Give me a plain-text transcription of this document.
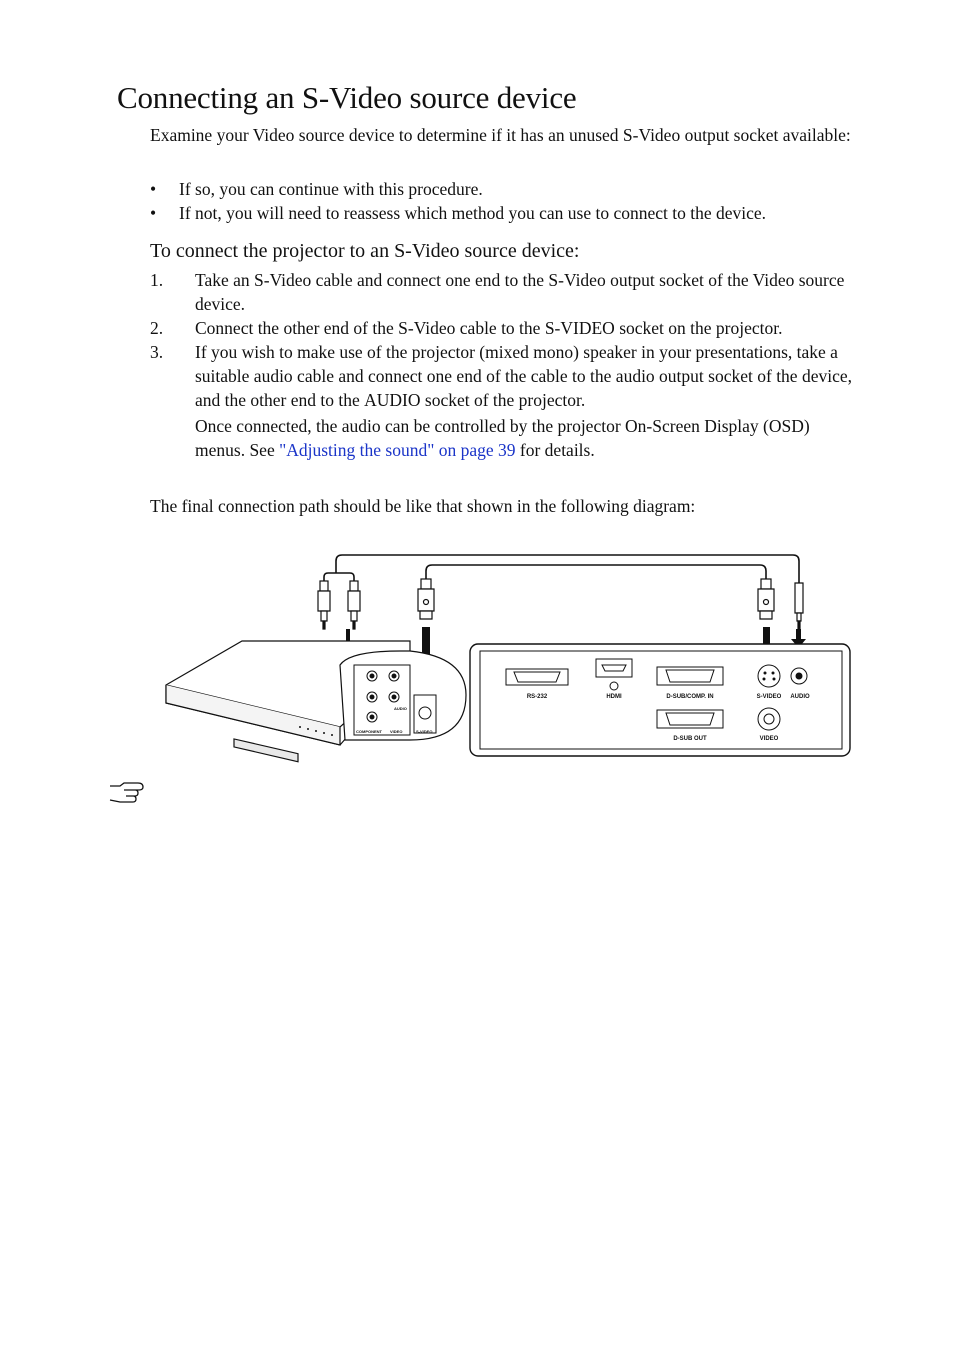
Connecting an S-Video source device

Examine your Video source device to determine if it has an unused S-Video output socket available:

• If so, you can continue with this procedure.
• If not, you will need to reassess which method you can use to connect to the device.
To connect the projector to an S-Video source device:
1. Take an S-Video cable and connect one end to the S-Video output socket of the Video source device.
2. Connect the other end of the S-Video cable to the S-VIDEO socket on the projector.
3. If you wish to make use of the projector (mixed mono) speaker in your presentations, take a suitable audio cable and connect one end of the cable to the audio output socket of the device, and the other end to the AUDIO socket of the projector.
Once connected, the audio can be controlled by the projector On-Screen Display (OSD) menus. See "Adjusting the sound" on page 39 for details.

The final connection path should be like that shown in the following diagram:

COMPONENT VIDEO	S-VIDEO
AUDIO
RS-232	HDMI	D-SUB/COMP. IN	S-VIDEO AUDIO
D-SUB OUT	VIDEO
